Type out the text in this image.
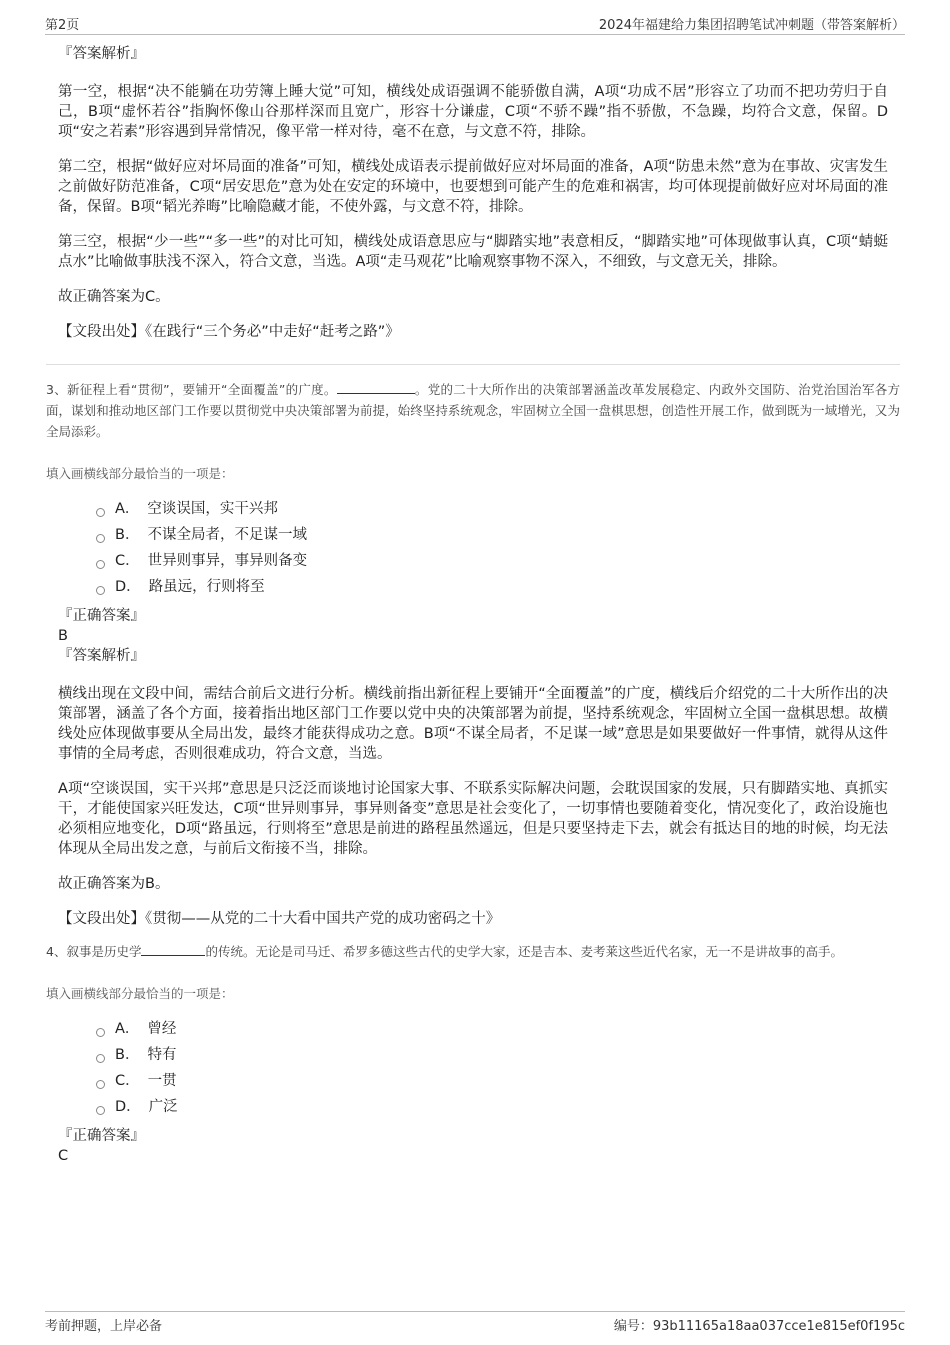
第2页	2024年福建给力集团招聘笔试冲刺题（带答案解析）

『答案解析』

第一空，根据“决不能躺在功劳簿上睡大觉”可知，横线处成语强调不能骄傲自满，A项“功成不居”形容立了功而不把功劳归于自己，B项“虚怀若谷”指胸怀像山谷那样深而且宽广，形容十分谦虚，C项“不骄不躁”指不骄傲，不急躁，均符合文意，保留。D项“安之若素”形容遇到异常情况，像平常一样对待，毫不在意，与文意不符，排除。

第二空，根据“做好应对坏局面的准备”可知，横线处成语表示提前做好应对坏局面的准备，A项“防患未然”意为在事故、灾害发生之前做好防范准备，C项“居安思危”意为处在安定的环境中，也要想到可能产生的危难和祸害，均可体现提前做好应对坏局面的准备，保留。B项“韬光养晦”比喻隐藏才能，不使外露，与文意不符，排除。

第三空，根据“少一些”“多一些”的对比可知，横线处成语意思应与“脚踏实地”表意相反，“脚踏实地”可体现做事认真，C项“蜻蜓点水”比喻做事肤浅不深入，符合文意，当选。A项“走马观花”比喻观察事物不深入，不细致，与文意无关，排除。

故正确答案为C。

【文段出处】《在践行“三个务必”中走好“赶考之路”》

3、新征程上看“贯彻”，要铺开“全面覆盖”的广度。	。党的二十大所作出的决策部署涵盖改革发展稳定、内政外交国防、治党治国治军各方面，谋划和推动地区部门工作要以贯彻党中央决策部署为前提，始终坚持系统观念，牢固树立全国一盘棋思想，创造性开展工作，做到既为一域增光，又为全局添彩。

填入画横线部分最恰当的一项是：

A． 空谈误国，实干兴邦
B． 不谋全局者，不足谋一域
C． 世异则事异，事异则备变
D． 路虽远，行则将至

『正确答案』

B

『答案解析』

横线出现在文段中间，需结合前后文进行分析。横线前指出新征程上要铺开“全面覆盖”的广度，横线后介绍党的二十大所作出的决策部署，涵盖了各个方面，接着指出地区部门工作要以党中央的决策部署为前提，坚持系统观念，牢固树立全国一盘棋思想。故横线处应体现做事要从全局出发，最终才能获得成功之意。B项“不谋全局者，不足谋一域”意思是如果要做好一件事情，就得从这件事情的全局考虑，否则很难成功，符合文意，当选。

A项“空谈误国，实干兴邦”意思是只泛泛而谈地讨论国家大事、不联系实际解决问题，会耽误国家的发展，只有脚踏实地、真抓实干，才能使国家兴旺发达，C项“世异则事异，事异则备变”意思是社会变化了，一切事情也要随着变化，情况变化了，政治设施也必须相应地变化，D项“路虽远，行则将至”意思是前进的路程虽然遥远，但是只要坚持走下去，就会有抵达目的地的时候，均无法体现从全局出发之意，与前后文衔接不当，排除。

故正确答案为B。

【文段出处】《贯彻——从党的二十大看中国共产党的成功密码之十》

4、叙事是历史学	的传统。无论是司马迁、希罗多德这些古代的史学大家，还是吉本、麦考莱这些近代名家，无一不是讲故事的高手。

填入画横线部分最恰当的一项是：

A． 曾经
B． 特有
C． 一贯
D． 广泛

『正确答案』

C

考前押题，上岸必备	编号：93b11165a18aa037cce1e815ef0f195c
